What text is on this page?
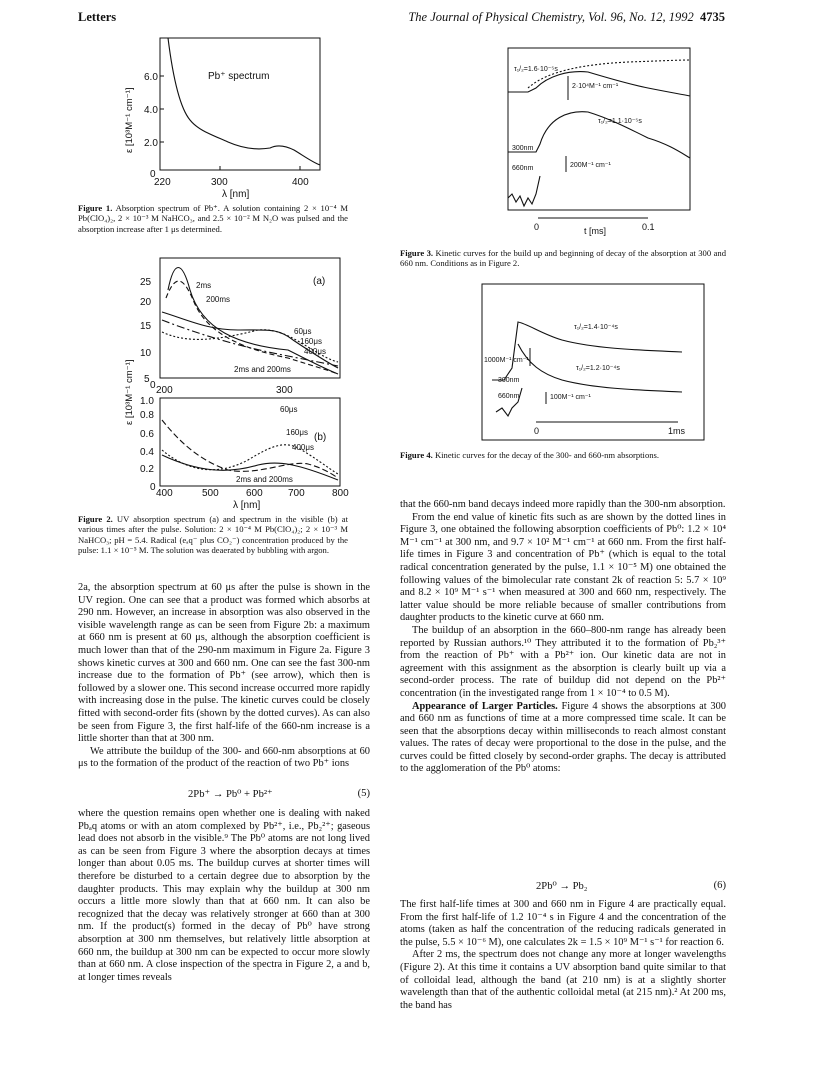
Letters	The Journal of Physical Chemistry, Vol. 96, No. 12, 1992 4735
6.0
4.0
2.0
0
220	300	400
λ [nm]
ε [10³M⁻¹ cm⁻¹]
Pb⁺ spectrum
Figure 1. Absorption spectrum of Pb⁺. A solution containing 2 × 10⁻⁴ M Pb(ClO₄)₂, 2 × 10⁻³ M NaHCO₃, and 2.5 × 10⁻² M N₂O was pulsed and the absorption increase after 1 μs determined.
25
20
15
10
5
0 200	300
(a)
2ms
200ms
60μs
160μs
400μs
2ms and 200ms
1.0
0.8
0.6
0.4
0.2
0
400	500	600	700	800
λ [nm]
(b)
60μs
160μs
400μs
2ms and 200ms
ε [10³M⁻¹ cm⁻¹]
Figure 2. UV absorption spectrum (a) and spectrum in the visible (b) at various times after the pulse. Solution: 2 × 10⁻⁴ M Pb(ClO₄)₂; 2 × 10⁻³ M NaHCO₃; pH = 5.4. Radical (eₐq⁻ plus CO₂⁻) concentration produced by the pulse: 1.1 × 10⁻⁵ M. The solution was deaerated by bubbling with argon.

2a, the absorption spectrum at 60 μs after the pulse is shown in the UV region. One can see that a product was formed which absorbs at 290 nm. However, an increase in absorption was also observed in the visible wavelength range as can be seen from Figure 2b: a maximum at 660 nm is present at 60 μs, although the absorption coefficient is much lower than that of the 290-nm maximum in Figure 2a. Figure 3 shows kinetic curves at 300 and 660 nm. One can see the fast 300-nm increase due to the formation of Pb⁺ (see arrow), which then is followed by a slower one. This second increase occurred more rapidly with increasing dose in the pulse. The kinetic curves could be closely fitted with second-order fits (shown by the dotted curves). As can also be seen from Figure 3, the first half-life of the 660-nm increase is a little shorter than that at 300 nm.

We attribute the buildup of the 300- and 660-nm absorptions at 60 μs to the formation of the product of the reaction of two Pb⁺ ions

2Pb⁺ → Pb⁰ + Pb²⁺	(5)

where the question remains open whether one is dealing with naked Pbₐq atoms or with an atom complexed by Pb²⁺, i.e., Pb₂²⁺; gaseous lead does not absorb in the visible.⁹ The Pb⁰ atoms are not long lived as can be seen from Figure 3 where the absorption decays at times longer than about 0.05 ms. The buildup curves at shorter times will therefore be disturbed to a certain degree due to absorption by the daughter products. This may explain why the buildup at 300 nm occurs a little more slowly than that at 660 nm. It can also be recognized that the decay was relatively stronger at 660 than at 300 nm. If the product(s) formed in the decay of Pb⁰ have strong absorption at 300 nm themselves, but relatively little absorption at 660 nm, the buildup at 300 nm can be expected to occur more slowly than at 660 nm. A close inspection of the spectra in Figure 2, a and b, at longer times reveals

τ₁/₂=1.6·10⁻⁵s
2·10⁴M⁻¹ cm⁻¹
τ₁/₂=1.1·10⁻⁵s
300nm
660nm	200M⁻¹ cm⁻¹
0	t [ms]	0.1
Figure 3. Kinetic curves for the build up and beginning of decay of the absorption at 300 and 660 nm. Conditions as in Figure 2.
τ₁/₂=1.4·10⁻⁴s
1000M⁻¹ cm⁻¹
τ₁/₂=1.2·10⁻⁴s
300nm
660nm	100M⁻¹ cm⁻¹
0	1ms
Figure 4. Kinetic curves for the decay of the 300- and 660-nm absorptions.

that the 660-nm band decays indeed more rapidly than the 300-nm absorption.

From the end value of kinetic fits such as are shown by the dotted lines in Figure 3, one obtained the following absorption coefficients of Pb⁰: 1.2 × 10⁴ M⁻¹ cm⁻¹ at 300 nm, and 9.7 × 10² M⁻¹ cm⁻¹ at 660 nm. From the first half-life times in Figure 3 and concentration of Pb⁺ (which is equal to the total radical concentration generated by the pulse, 1.1 × 10⁻⁵ M) one obtained the following values of the bimolecular rate constant 2k of reaction 5: 5.7 × 10⁹ and 8.2 × 10⁹ M⁻¹ s⁻¹ when measured at 300 and 660 nm, respectively. The latter value should be more reliable because of smaller contributions from daughter products to the kinetic curve at 660 nm.

The buildup of an absorption in the 660–800-nm range has already been reported by Russian authors.¹⁰ They attributed it to the formation of Pb₂³⁺ from the reaction of Pb⁺ with a Pb²⁺ ion. Our kinetic data are not in agreement with this assignment as the absorption is clearly built up via a second-order process. The rate of buildup did not depend on the Pb²⁺ concentration (in the investigated range from 1 × 10⁻⁴ to 0.5 M).

Appearance of Larger Particles. Figure 4 shows the absorptions at 300 and 660 nm as functions of time at a more compressed time scale. It can be seen that the absorptions decay within milliseconds to reach almost constant values. The rates of decay were proportional to the dose in the pulse, and the curves could be fitted closely by second-order graphs. The decay is attributed to the agglomeration of the Pb⁰ atoms:

2Pb⁰ → Pb₂	(6)

The first half-life times at 300 and 660 nm in Figure 4 are practically equal. From the first half-life of 1.2 10⁻⁴ s in Figure 4 and the concentration of the atoms (taken as half the concentration of the reducing radicals generated in the pulse, 5.5 × 10⁻⁶ M), one calculates 2k = 1.5 × 10⁹ M⁻¹ s⁻¹ for reaction 6.

After 2 ms, the spectrum does not change any more at longer wavelengths (Figure 2). At this time it contains a UV absorption band quite similar to that of colloidal lead, although the band (at 210 nm) is at a slightly shorter wavelength than that of the authentic colloidal metal (at 215 nm).² At 200 ms, the band has
